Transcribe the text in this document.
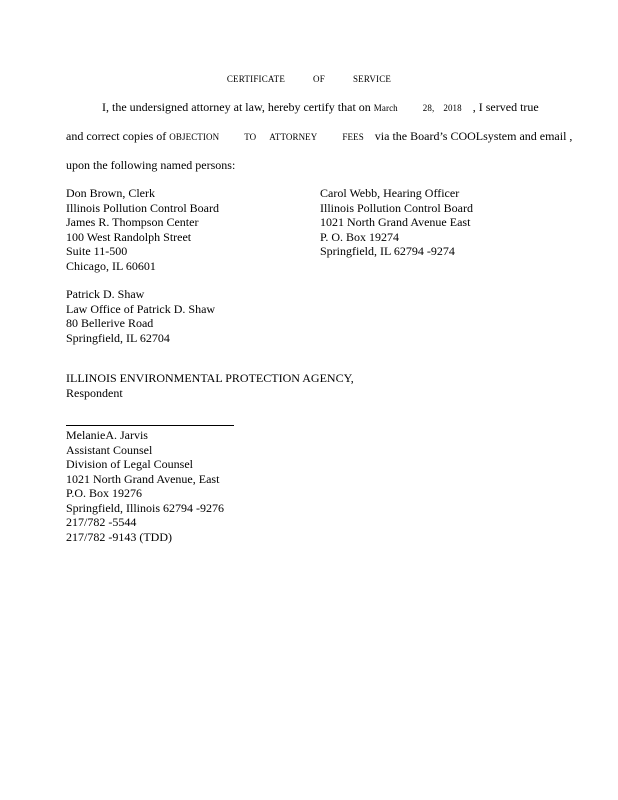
CERTIFICATE	OF	SERVICE
I, the undersigned attorney at law, hereby certify that on March	28, 2018 , I served true
and correct copies of OBJECTION	TO ATTORNEY	FEES via the Board’s COOLsystem and email ,
upon the following named persons:
Don Brown, Clerk
Illinois Pollution Control Board
James R. Thompson Center
100 West Randolph Street
Suite 11-500
Chicago, IL 60601
Carol Webb, Hearing Officer
Illinois Pollution Control Board
1021 North Grand Avenue East
P. O. Box 19274
Springfield, IL 62794 -9274
Patrick D. Shaw
Law Office of Patrick D. Shaw
80 Bellerive Road
Springfield, IL 62704
ILLINOIS ENVIRONMENTAL PROTECTION AGENCY,
Respondent
MelanieA. Jarvis
Assistant Counsel
Division of Legal Counsel
1021 North Grand Avenue, East
P.O. Box 19276
Springfield, Illinois 62794 -9276
217/782 -5544
217/782 -9143 (TDD)
